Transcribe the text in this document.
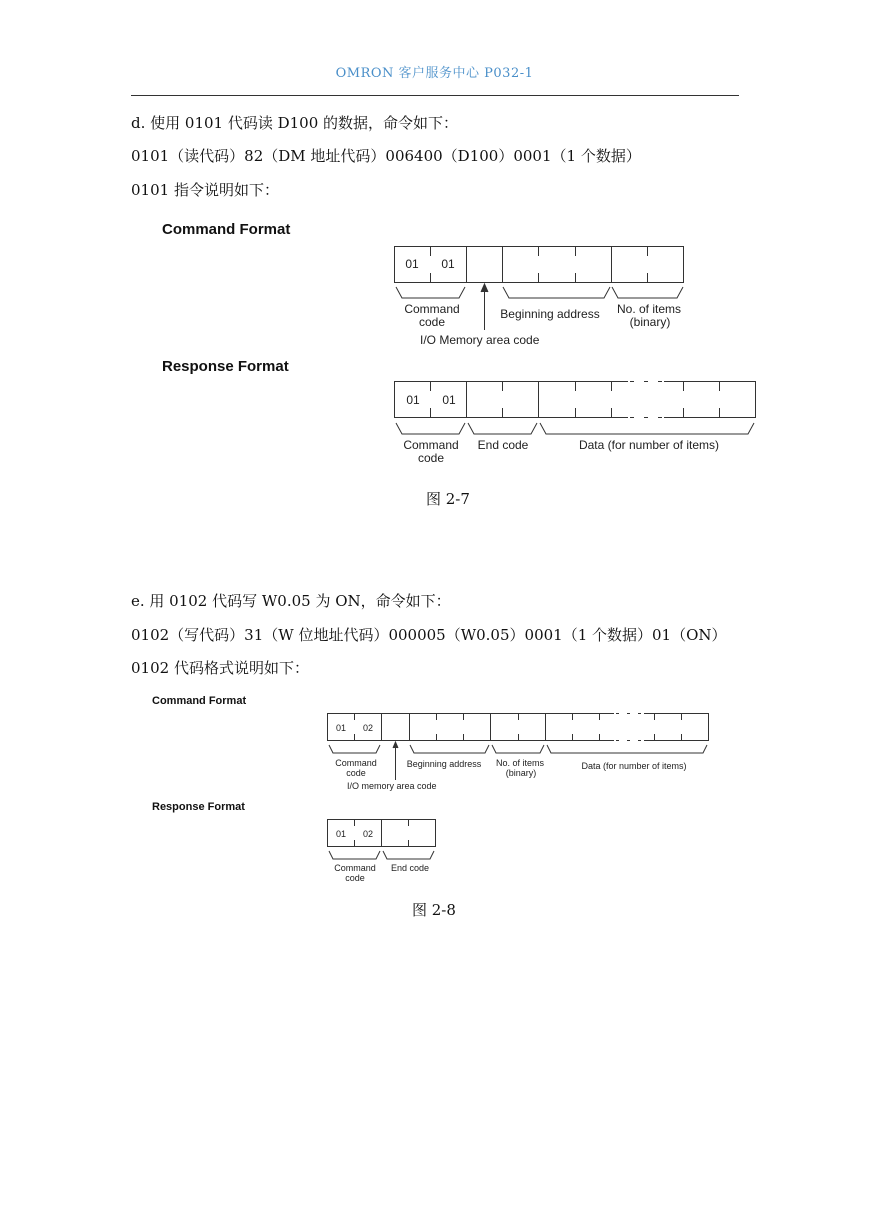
OMRON 客户服务中心 P032-1
d. 使用 0101 代码读 D100 的数据，命令如下：
0101（读代码）82（DM 地址代码）006400（D100）0001（1 个数据）
0101 指令说明如下：
Command Format
Response Format
01 01
Command
code
Beginning address No. of items
(binary)
I/O Memory area code
01 01
Command
code
End code	Data (for number of items)
图 2-7
e. 用 0102 代码写 W0.05 为 ON，命令如下：
0102（写代码）31（W 位地址代码）000005（W0.05）0001（1 个数据）01（ON）
0102 代码格式说明如下：
Command Format
Response Format
01 02
Command
code
Beginning address No. of items
(binary)
Data (for number of items)
I/O memory area code
01 02
Command
code
End code
图 2-8
